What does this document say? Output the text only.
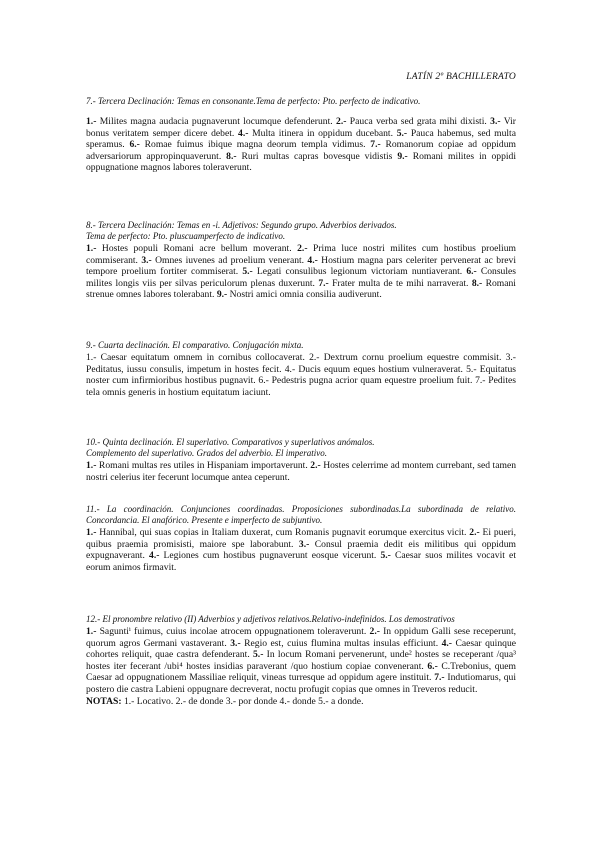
LATÍN 2º BACHILLERATO

7.- Tercera Declinación: Temas en consonante.Tema de perfecto: Pto. perfecto de indicativo.

1.- Milites magna audacia pugnaverunt locumque defenderunt. 2.- Pauca verba sed grata mihi dixisti. 3.- Vir bonus veritatem semper dicere debet. 4.- Multa itinera in oppidum ducebant. 5.- Pauca habemus, sed multa speramus. 6.- Romae fuimus ibique magna deorum templa vidimus. 7.- Romanorum copiae ad oppidum adversariorum appropinquaverunt. 8.- Ruri multas capras bovesque vidistis 9.- Romani milites in oppidi oppugnatione magnos labores toleraverunt.

8.- Tercera Declinación: Temas en -i. Adjetivos: Segundo grupo. Adverbios derivados.

Tema de perfecto: Pto. pluscuamperfecto de indicativo.

1.- Hostes populi Romani acre bellum moverant. 2.- Prima luce nostri milites cum hostibus proelium commiserant. 3.- Omnes iuvenes ad proelium venerant. 4.- Hostium magna pars celeriter pervenerat ac brevi tempore proelium fortiter commiserat. 5.- Legati consulibus legionum victoriam nuntiaverant. 6.- Consules milites longis viis per silvas periculorum plenas duxerunt. 7.- Frater multa de te mihi narraverat. 8.- Romani strenue omnes labores tolerabant. 9.- Nostri amici omnia consilia audiverunt.

9.- Cuarta declinación. El comparativo. Conjugación mixta.

1.- Caesar equitatum omnem in cornibus collocaverat. 2.- Dextrum cornu proelium equestre commisit. 3.- Peditatus, iussu consulis, impetum in hostes fecit. 4.- Ducis equum eques hostium vulneraverat. 5.- Equitatus noster cum infirmioribus hostibus pugnavit. 6.- Pedestris pugna acrior quam equestre proelium fuit. 7.- Pedites tela omnis generis in hostium equitatum iaciunt.

10.- Quinta declinación. El superlativo. Comparativos y superlativos anómalos.

Complemento del superlativo. Grados del adverbio. El imperativo.

1.- Romani multas res utiles in Hispaniam importaverunt. 2.- Hostes celerrime ad montem currebant, sed tamen nostri celerius iter fecerunt locumque antea ceperunt.

11.- La coordinación. Conjunciones coordinadas. Proposiciones subordinadas.La subordinada de relativo. Concordancia. El anafórico. Presente e imperfecto de subjuntivo.

1.- Hannibal, qui suas copias in Italiam duxerat, cum Romanis pugnavit eorumque exercitus vicit. 2.- Ei pueri, quibus praemia promisisti, maiore spe laborabunt. 3.- Consul praemia dedit eis militibus qui oppidum expugnaverant. 4.- Legiones cum hostibus pugnaverunt eosque vicerunt. 5.- Caesar suos milites vocavit et eorum animos firmavit.

12.- El pronombre relativo (II) Adverbios y adjetivos relativos.Relativo-indefinidos. Los demostrativos

1.- Saguntiⁱ fuimus, cuius incolae atrocem oppugnationem toleraverunt. 2.- In oppidum Galli sese receperunt, quorum agros Germani vastaverant. 3.- Regio est, cuius flumina multas insulas efficiunt. 4.- Caesar quinque cohortes reliquit, quae castra defenderant. 5.- In locum Romani pervenerunt, unde² hostes se receperant /qua³ hostes iter fecerant /ubi⁴ hostes insidias paraverant /quo hostium copiae convenerant. 6.- C.Trebonius, quem Caesar ad oppugnationem Massiliae reliquit, vineas turresque ad oppidum agere instituit. 7.- Indutiomarus, qui postero die castra Labieni oppugnare decreverat, noctu profugit copias que omnes in Treveros reducit.

NOTAS: 1.- Locativo. 2.- de donde 3.- por donde 4.- donde 5.- a donde.
